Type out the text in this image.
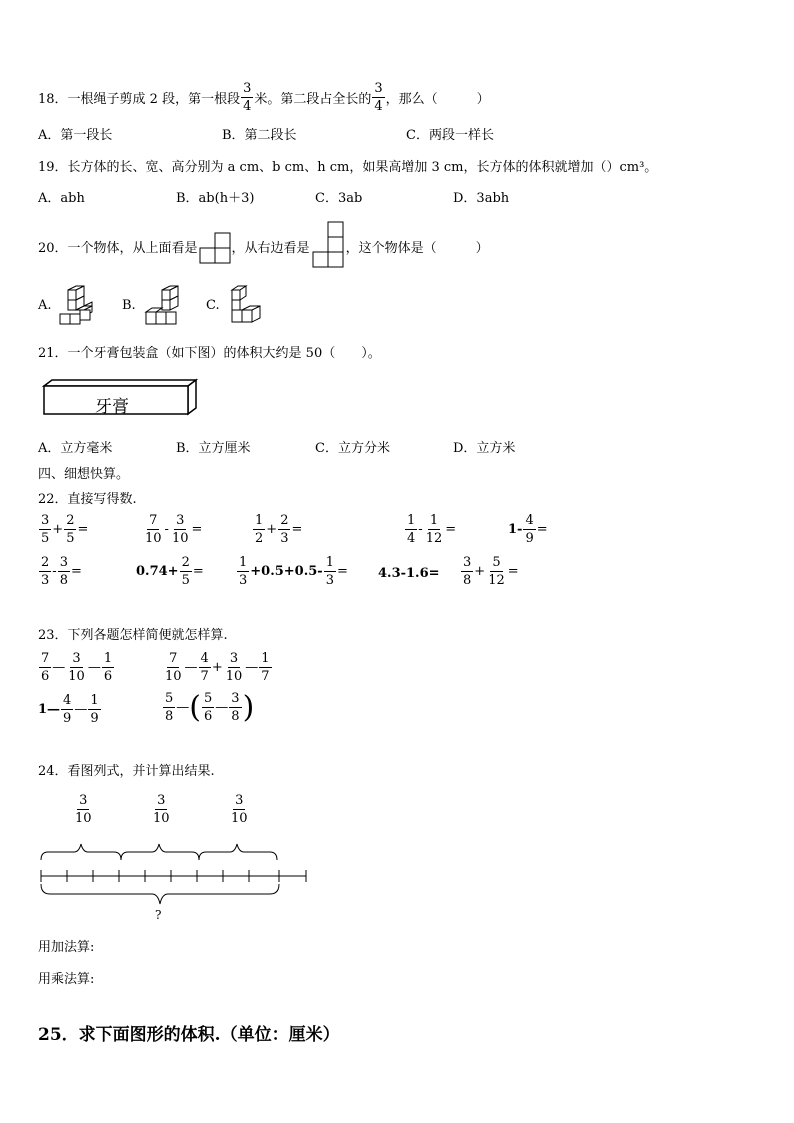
18． 一根绳子剪成 2 段，第一根段 $\frac{3}{4}$ 米。第二段占全长的 $\frac{3}{4}$ ，那么（　　　）
A．第一段长	B．第二段长	C．两段一样长
19．长方体的长、宽、高分别为 a cm、b cm、h cm，如果高增加 3 cm，长方体的体积就增加（）cm³。
A．abh	B．ab(h＋3)	C．3ab	D．3abh
20．一个物体，从上面看是	，从右边看是	，这个物体是（　　　）
A.	B.	C.
21．一个牙膏包装盒（如下图）的体积大约是 50（　　）。
牙膏
A．立方毫米	B．立方厘米	C．立方分米	D．立方米
四、细想快算。
22．直接写得数.
$\frac{3}{5} + \frac{2}{5}$ =	$\frac{7}{10} - \frac{3}{10}$ =	$\frac{1}{2} + \frac{2}{3}$ =	$\frac{1}{4} - \frac{1}{12}$ =	$1- \frac{4}{9}$ =
$\frac{2}{3} - \frac{3}{8}$ =	$0.74+ \frac{2}{5}$ =	$\frac{1}{3} +0.5+0.5- \frac{1}{3} = 4.3-1.6= \frac{3}{8} + \frac{5}{12}$ =
23．下列各题怎样简便就怎样算.
$\frac{7}{6}$ — $\frac{3}{10}$ — $\frac{1}{6}$	$\frac{7}{10}$ — $\frac{4}{7} + \frac{3}{10}$ — $\frac{1}{7}$
1— $\frac{4}{9}$ — $\frac{1}{9}$	$\frac{5}{8}$ — ( $\frac{5}{6}$ — $\frac{3}{8}$ )
24．看图列式，并计算出结果.
$\frac{3}{10}$	$\frac{3}{10}$	$\frac{3}{10}$
?
用加法算:
用乘法算:
25．求下面图形的体积.（单位：厘米）
